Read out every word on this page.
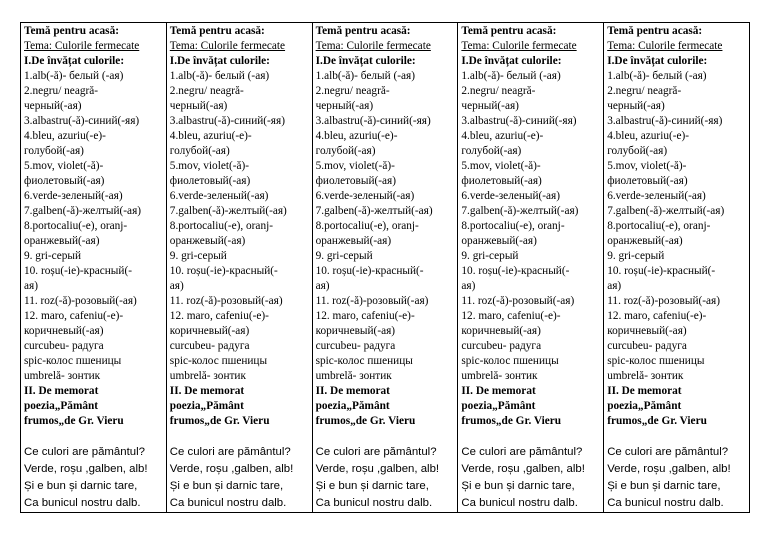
Temă pentru acasă:
Tema: Culorile fermecate
I.De învățat culorile:
1.alb(-ă)- белый (-ая)
2.negru/ neagră-
черный(-ая)
3.albastru(-ă)-синий(-яя)
4.bleu, azuriu(-e)-
голубой(-ая)
5.mov, violet(-ă)-
фиолетовый(-ая)
6.verde-зеленый(-ая)
7.galben(-ă)-желтый(-ая)
8.portocaliu(-e), oranj-
оранжевый(-ая)
9. gri-серый
10. roșu(-ie)-красный(-
ая)
11. roz(-ă)-розовый(-ая)
12. maro, cafeniu(-e)-
коричневый(-ая)
curcubeu- радуга
spic-колос пшеницы
umbrelă- зонтик
II. De memorat
poezia„Pământ
frumos„de Gr. Vieru
Ce culori are pământul?
Verde, roșu ,galben, alb!
Și e bun și darnic tare,
Ca bunicul nostru dalb.

Temă pentru acasă:
Tema: Culorile fermecate
I.De învățat culorile:
1.alb(-ă)- белый (-ая)
2.negru/ neagră-
черный(-ая)
3.albastru(-ă)-синий(-яя)
4.bleu, azuriu(-e)-
голубой(-ая)
5.mov, violet(-ă)-
фиолетовый(-ая)
6.verde-зеленый(-ая)
7.galben(-ă)-желтый(-ая)
8.portocaliu(-e), oranj-
оранжевый(-ая)
9. gri-серый
10. roșu(-ie)-красный(-
ая)
11. roz(-ă)-розовый(-ая)
12. maro, cafeniu(-e)-
коричневый(-ая)
curcubeu- радуга
spic-колос пшеницы
umbrelă- зонтик
II. De memorat
poezia„Pământ
frumos„de Gr. Vieru
Ce culori are pământul?
Verde, roșu ,galben, alb!
Și e bun și darnic tare,
Ca bunicul nostru dalb.

Temă pentru acasă:
Tema: Culorile fermecate
I.De învățat culorile:
1.alb(-ă)- белый (-ая)
2.negru/ neagră-
черный(-ая)
3.albastru(-ă)-синий(-яя)
4.bleu, azuriu(-e)-
голубой(-ая)
5.mov, violet(-ă)-
фиолетовый(-ая)
6.verde-зеленый(-ая)
7.galben(-ă)-желтый(-ая)
8.portocaliu(-e), oranj-
оранжевый(-ая)
9. gri-серый
10. roșu(-ie)-красный(-
ая)
11. roz(-ă)-розовый(-ая)
12. maro, cafeniu(-e)-
коричневый(-ая)
curcubeu- радуга
spic-колос пшеницы
umbrelă- зонтик
II. De memorat
poezia„Pământ
frumos„de Gr. Vieru
Ce culori are pământul?
Verde, roșu ,galben, alb!
Și e bun și darnic tare,
Ca bunicul nostru dalb.

Temă pentru acasă:
Tema: Culorile fermecate
I.De învățat culorile:
1.alb(-ă)- белый (-ая)
2.negru/ neagră-
черный(-ая)
3.albastru(-ă)-синий(-яя)
4.bleu, azuriu(-e)-
голубой(-ая)
5.mov, violet(-ă)-
фиолетовый(-ая)
6.verde-зеленый(-ая)
7.galben(-ă)-желтый(-ая)
8.portocaliu(-e), oranj-
оранжевый(-ая)
9. gri-серый
10. roșu(-ie)-красный(-
ая)
11. roz(-ă)-розовый(-ая)
12. maro, cafeniu(-e)-
коричневый(-ая)
curcubeu- радуга
spic-колос пшеницы
umbrelă- зонтик
II. De memorat
poezia„Pământ
frumos„de Gr. Vieru
Ce culori are pământul?
Verde, roșu ,galben, alb!
Și e bun și darnic tare,
Ca bunicul nostru dalb.

Temă pentru acasă:
Tema: Culorile fermecate
I.De învățat culorile:
1.alb(-ă)- белый (-ая)
2.negru/ neagră-
черный(-ая)
3.albastru(-ă)-синий(-яя)
4.bleu, azuriu(-e)-
голубой(-ая)
5.mov, violet(-ă)-
фиолетовый(-ая)
6.verde-зеленый(-ая)
7.galben(-ă)-желтый(-ая)
8.portocaliu(-e), oranj-
оранжевый(-ая)
9. gri-серый
10. roșu(-ie)-красный(-
ая)
11. roz(-ă)-розовый(-ая)
12. maro, cafeniu(-e)-
коричневый(-ая)
curcubeu- радуга
spic-колос пшеницы
umbrelă- зонтик
II. De memorat
poezia„Pământ
frumos„de Gr. Vieru
Ce culori are pământul?
Verde, roșu ,galben, alb!
Și e bun și darnic tare,
Ca bunicul nostru dalb.
